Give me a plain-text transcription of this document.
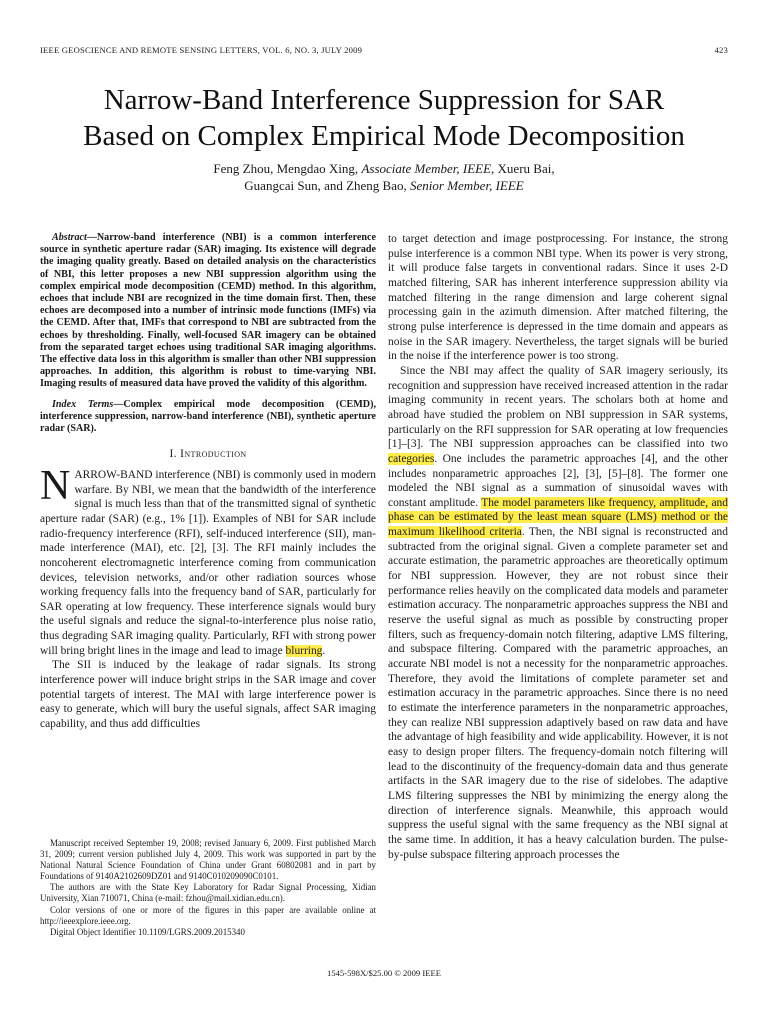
IEEE GEOSCIENCE AND REMOTE SENSING LETTERS, VOL. 6, NO. 3, JULY 2009	423
Narrow-Band Interference Suppression for SAR
Based on Complex Empirical Mode Decomposition
Feng Zhou, Mengdao Xing, Associate Member, IEEE, Xueru Bai,
Guangcai Sun, and Zheng Bao, Senior Member, IEEE

Abstract—Narrow-band interference (NBI) is a common interference source in synthetic aperture radar (SAR) imaging. Its existence will degrade the imaging quality greatly. Based on detailed analysis on the characteristics of NBI, this letter proposes a new NBI suppression algorithm using the complex empirical mode decomposition (CEMD) method. In this algorithm, echoes that include NBI are recognized in the time domain first. Then, these echoes are decomposed into a number of intrinsic mode functions (IMFs) via the CEMD. After that, IMFs that correspond to NBI are subtracted from the echoes by thresholding. Finally, well-focused SAR imagery can be obtained from the separated target echoes using traditional SAR imaging algorithms. The effective data loss in this algorithm is smaller than other NBI suppression approaches. In addition, this algorithm is robust to time-varying NBI. Imaging results of measured data have proved the validity of this algorithm.

Index Terms—Complex empirical mode decomposition (CEMD), interference suppression, narrow-band interference (NBI), synthetic aperture radar (SAR).

I. Introduction

NARROW-BAND interference (NBI) is commonly used in modern warfare. By NBI, we mean that the bandwidth of the interference signal is much less than that of the transmitted signal of synthetic aperture radar (SAR) (e.g., 1% [1]). Examples of NBI for SAR include radio-frequency interference (RFI), self-induced interference (SII), man-made interference (MAI), etc. [2], [3]. The RFI mainly includes the noncoherent electromagnetic interference coming from communication devices, television networks, and/or other radiation sources whose working frequency falls into the frequency band of SAR, particularly for SAR operating at low frequency. These interference signals would bury the useful signals and reduce the signal-to-interference plus noise ratio, thus degrading SAR imaging quality. Particularly, RFI with strong power will bring bright lines in the image and lead to image blurring.

The SII is induced by the leakage of radar signals. Its strong interference power will induce bright strips in the SAR image and cover potential targets of interest. The MAI with large interference power is easy to generate, which will bury the useful signals, affect SAR imaging capability, and thus add difficulties

to target detection and image postprocessing. For instance, the strong pulse interference is a common NBI type. When its power is very strong, it will produce false targets in conventional radars. Since it uses 2-D matched filtering, SAR has inherent interference suppression ability via matched filtering in the range dimension and large coherent signal processing gain in the azimuth dimension. After matched filtering, the strong pulse interference is depressed in the time domain and appears as noise in the SAR imagery. Nevertheless, the target signals will be buried in the noise if the interference power is too strong.

Since the NBI may affect the quality of SAR imagery seriously, its recognition and suppression have received increased attention in the radar imaging community in recent years. The scholars both at home and abroad have studied the problem on NBI suppression in SAR systems, particularly on the RFI suppression for SAR operating at low frequencies [1]–[3]. The NBI suppression approaches can be classified into two categories. One includes the parametric approaches [4], and the other includes nonparametric approaches [2], [3], [5]–[8]. The former one modeled the NBI signal as a summation of sinusoidal waves with constant amplitude. The model parameters like frequency, amplitude, and phase can be estimated by the least mean square (LMS) method or the maximum likelihood criteria. Then, the NBI signal is reconstructed and subtracted from the original signal. Given a complete parameter set and accurate estimation, the parametric approaches are theoretically optimum for NBI suppression. However, they are not robust since their performance relies heavily on the complicated data models and parameter estimation accuracy. The nonparametric approaches suppress the NBI and reserve the useful signal as much as possible by constructing proper filters, such as frequency-domain notch filtering, adaptive LMS filtering, and subspace filtering. Compared with the parametric approaches, an accurate NBI model is not a necessity for the nonparametric approaches. Therefore, they avoid the limitations of complete parameter set and estimation accuracy in the parametric approaches. Since there is no need to estimate the interference parameters in the nonparametric approaches, they can realize NBI suppression adaptively based on raw data and have the advantage of high feasibility and wide applicability. However, it is not easy to design proper filters. The frequency-domain notch filtering will lead to the discontinuity of the frequency-domain data and thus generate artifacts in the SAR imagery due to the rise of sidelobes. The adaptive LMS filtering suppresses the NBI by minimizing the energy along the direction of interference signals. Meanwhile, this approach would suppress the useful signal with the same frequency as the NBI signal at the same time. In addition, it has a heavy calculation burden. The pulse-by-pulse subspace filtering approach processes the

Manuscript received September 19, 2008; revised January 6, 2009. First published March 31, 2009; current version published July 4, 2009. This work was supported in part by the National Natural Science Foundation of China under Grant 60802081 and in part by Foundations of 9140A2102609DZ01 and 9140C010209090C0101.

The authors are with the State Key Laboratory for Radar Signal Processing, Xidian University, Xian 710071, China (e-mail: fzhou@mail.xidian.edu.cn).

Color versions of one or more of the figures in this paper are available online at http://ieeexplore.ieee.org.

Digital Object Identifier 10.1109/LGRS.2009.2015340

1545-598X/$25.00 © 2009 IEEE
